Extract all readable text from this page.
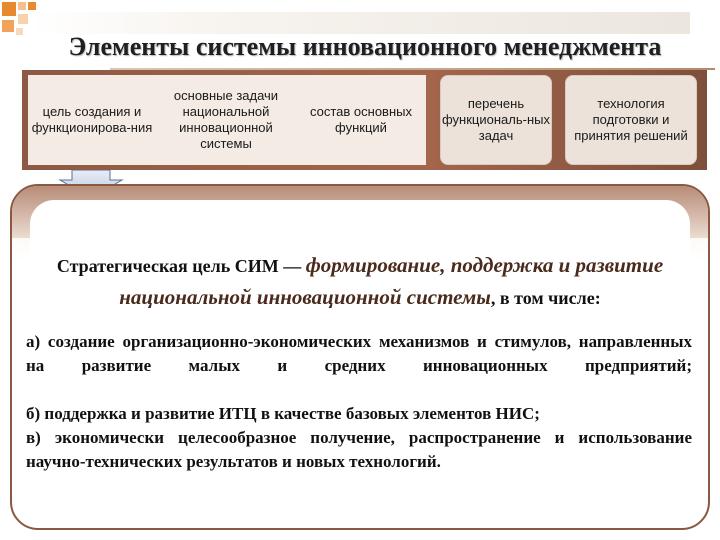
Элементы системы инновационного менеджмента
цель создания и функционирова-ния
основные задачи национальной инновационной системы
состав основных функций
перечень функциональ-ных задач
технология подготовки и принятия решений
Стратегическая цель СИМ — формирование, поддержка и развитие национальной инновационной системы, в том числе:
а) создание организационно-экономических механизмов и стимулов, направленных на развитие малых и средних инновационных предприятий;
б) поддержка и развитие ИТЦ в качестве базовых элементов НИС;
в) экономически целесообразное получение, распространение и использование научно-технических результатов и новых технологий.
